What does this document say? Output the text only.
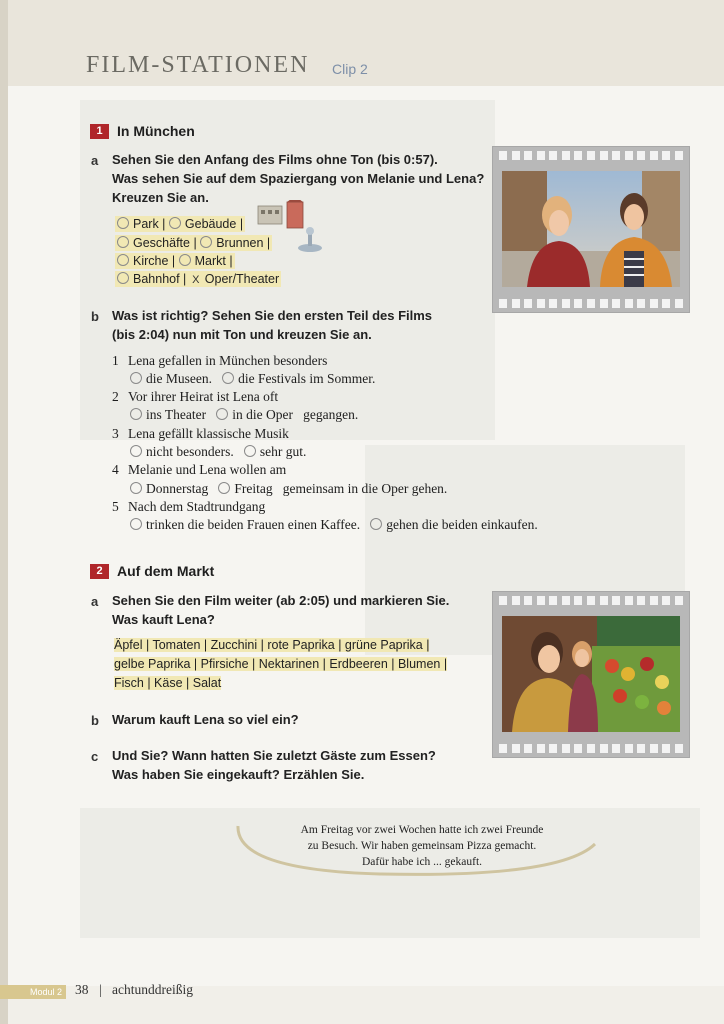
FILM-STATIONEN Clip 2
1	In München
a Sehen Sie den Anfang des Films ohne Ton (bis 0:57).
Was sehen Sie auf dem Spaziergang von Melanie und Lena?
Kreuzen Sie an.
Park | Gebäude |
Geschäfte | Brunnen |
Kirche | Markt |
Bahnhof | X Oper/Theater
b Was ist richtig? Sehen Sie den ersten Teil des Films
(bis 2:04) nun mit Ton und kreuzen Sie an.
1 Lena gefallen in München besonders
die Museen. die Festivals im Sommer.
2 Vor ihrer Heirat ist Lena oft
ins Theater in die Oper gegangen.
3 Lena gefällt klassische Musik
nicht besonders. sehr gut.
4 Melanie und Lena wollen am
Donnerstag Freitag gemeinsam in die Oper gehen.
5 Nach dem Stadtrundgang
trinken die beiden Frauen einen Kaffee. gehen die beiden einkaufen.
2	Auf dem Markt
a Sehen Sie den Film weiter (ab 2:05) und markieren Sie.
Was kauft Lena?
Äpfel | Tomaten | Zucchini | rote Paprika | grüne Paprika |
gelbe Paprika | Pfirsiche | Nektarinen | Erdbeeren | Blumen |
Fisch | Käse | Salat
b Warum kauft Lena so viel ein?
c Und Sie? Wann hatten Sie zuletzt Gäste zum Essen?
Was haben Sie eingekauft? Erzählen Sie.
Am Freitag vor zwei Wochen hatte ich zwei Freunde
zu Besuch. Wir haben gemeinsam Pizza gemacht.
Dafür habe ich ... gekauft.
Modul 2 38 | achtunddreißig
